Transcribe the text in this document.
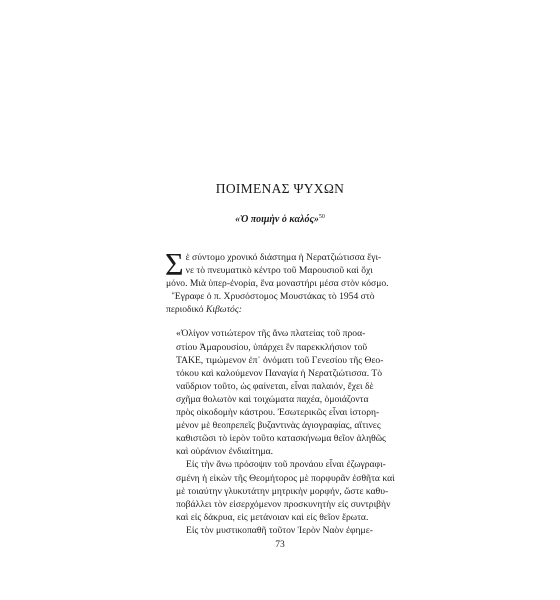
ΠΟΙΜΕΝΑΣ ΨΥΧΩΝ
«Ὁ ποιμὴν ὁ καλός»$^{50}$
Σ ἑ σύντομο χρονικό διάστημα ἡ Νερατζιώτισσα ἔγι-
νε τὸ πνευματικὸ κέντρο τοῦ Μαρουσιοῦ καὶ ὄχι
μόνο. Μιὰ ὑπερ-ἐνορία, ἕνα μοναστήρι μέσα στὸν κόσμο.
Ἔγραφε ὁ π. Χρυσόστομος Μουστάκας τὸ 1954 στὸ
περιοδικό Κιβωτός:
«Ὀλίγον νοτιώτερον τῆς ἄνω πλατείας τοῦ προα-
στίου Ἀμαρουσίου, ὑπάρχει ἓν παρεκκλήσιον τοῦ
ΤΑΚΕ, τιμώμενον ἐπ᾽ ὀνόματι τοῦ Γενεσίου τῆς Θεο-
τόκου καὶ καλούμενον Παναγία ἡ Νερατζιώτισσα. Τὸ
ναΰδριον τοῦτο, ὡς φαίνεται, εἶναι παλαιόν, ἔχει δὲ
σχῆμα θολωτὸν καὶ τοιχώματα παχέα, ὁμοιάζοντα
πρὸς οἰκοδομὴν κάστρου. Ἐσωτερικῶς εἶναι ἱστορη-
μένον μὲ θεοπρεπεῖς βυζαντινὰς ἁγιογραφίας, αἵτινες
καθιστῶσι τὸ ἱερὸν τοῦτο κατασκήνωμα θεῖον ἀληθῶς
καὶ οὐράνιον ἐνδιαίτημα.
Εἰς τὴν ἄνω πρόσοψιν τοῦ προνάου εἶναι ἐζωγραφι-
σμένη ἡ εἰκὼν τῆς Θεομήτορος μὲ πορφυρᾶν ἐσθῆτα καὶ
μὲ τοιαύτην γλυκυτάτην μητρικὴν μορφήν, ὥστε καθυ-
ποβάλλει τὸν εἰσερχόμενον προσκυνητὴν εἰς συντριβὴν
καὶ εἰς δάκρυα, εἰς μετάνοιαν καὶ εἰς θεῖον ἔρωτα.
Εἰς τὸν μυστικοπαθῆ τοῦτον Ἱερὸν Ναὸν ἐφημε-
73
